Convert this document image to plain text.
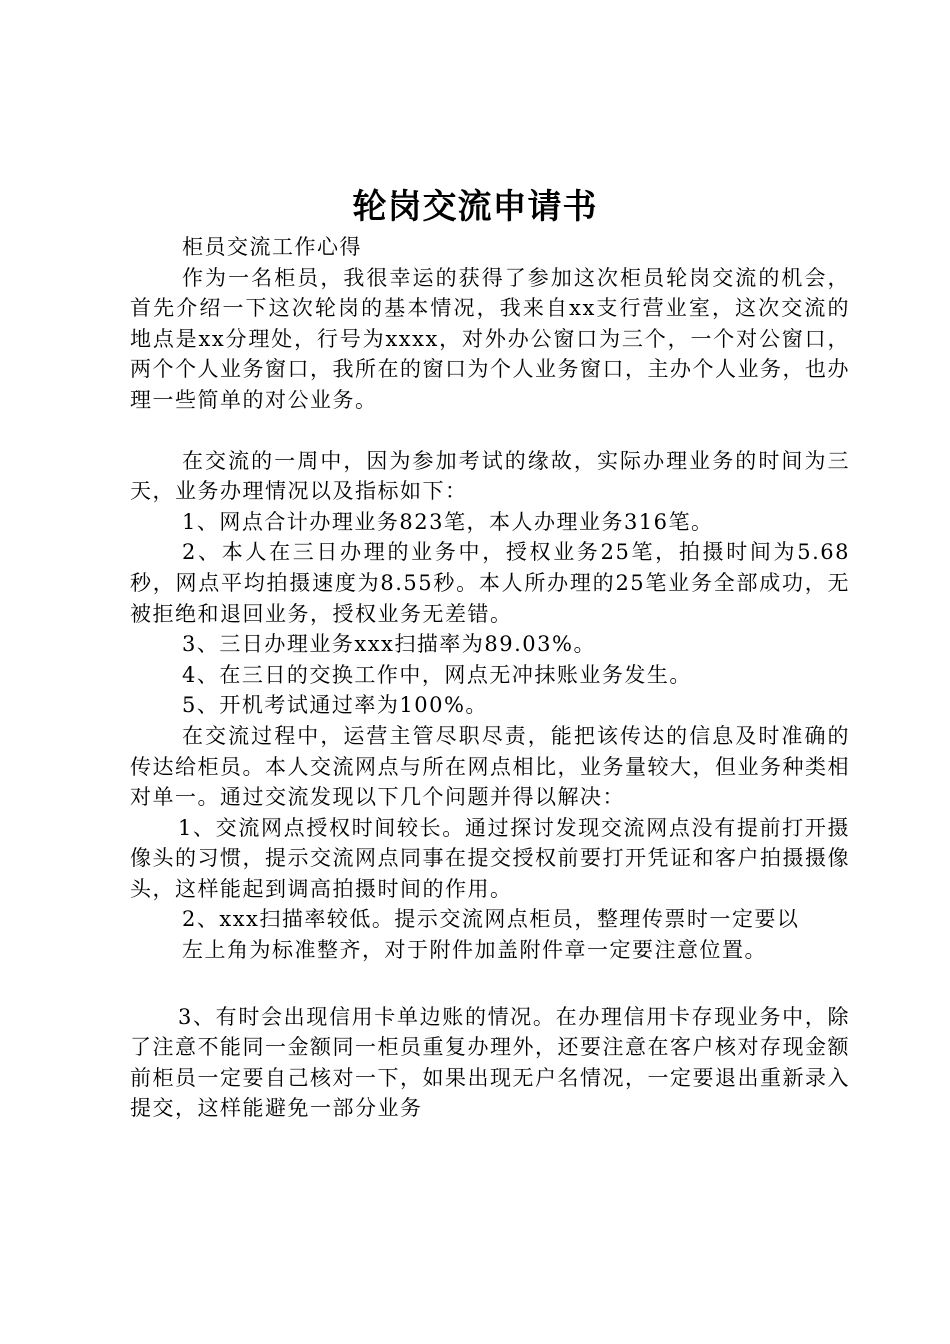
轮岗交流申请书

柜员交流工作心得

作为一名柜员，我很幸运的获得了参加这次柜员轮岗交流的机会，首先介绍一下这次轮岗的基本情况，我来自xx支行营业室，这次交流的地点是xx分理处，行号为xxxx，对外办公窗口为三个，一个对公窗口，两个个人业务窗口，我所在的窗口为个人业务窗口，主办个人业务，也办理一些简单的对公业务。

在交流的一周中，因为参加考试的缘故，实际办理业务的时间为三天，业务办理情况以及指标如下：

1、网点合计办理业务823笔，本人办理业务316笔。

2、本人在三日办理的业务中，授权业务25笔，拍摄时间为5.68秒，网点平均拍摄速度为8.55秒。本人所办理的25笔业务全部成功，无被拒绝和退回业务，授权业务无差错。

3、三日办理业务xxx扫描率为89.03%。

4、在三日的交换工作中，网点无冲抹账业务发生。

5、开机考试通过率为100%。

在交流过程中，运营主管尽职尽责，能把该传达的信息及时准确的传达给柜员。本人交流网点与所在网点相比，业务量较大，但业务种类相对单一。通过交流发现以下几个问题并得以解决：

1、交流网点授权时间较长。通过探讨发现交流网点没有提前打开摄像头的习惯，提示交流网点同事在提交授权前要打开凭证和客户拍摄摄像头，这样能起到调高拍摄时间的作用。

2、xxx扫描率较低。提示交流网点柜员，整理传票时一定要以

左上角为标准整齐，对于附件加盖附件章一定要注意位置。

3、有时会出现信用卡单边账的情况。在办理信用卡存现业务中，除了注意不能同一金额同一柜员重复办理外，还要注意在客户核对存现金额前柜员一定要自己核对一下，如果出现无户名情况，一定要退出重新录入提交，这样能避免一部分业务
